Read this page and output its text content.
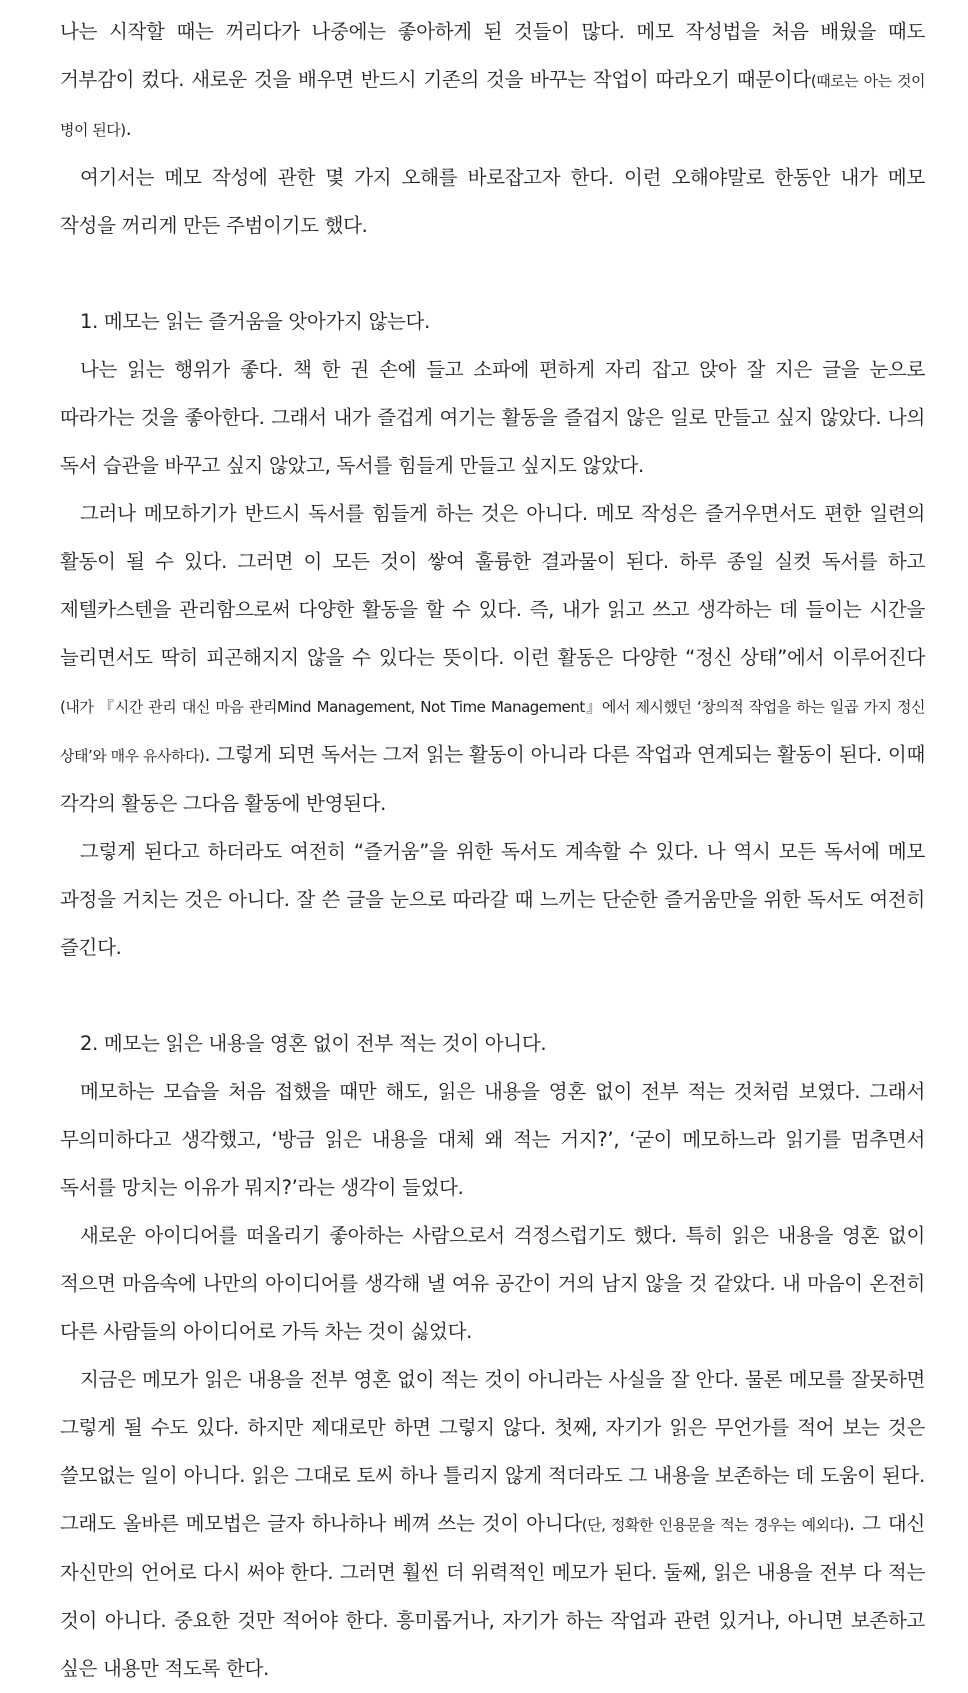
나는 시작할 때는 꺼리다가 나중에는 좋아하게 된 것들이 많다. 메모 작성법을 처음 배웠을 때도 거부감이 컸다. 새로운 것을 배우면 반드시 기존의 것을 바꾸는 작업이 따라오기 때문이다(때로는 아는 것이 병이 된다).

여기서는 메모 작성에 관한 몇 가지 오해를 바로잡고자 한다. 이런 오해야말로 한동안 내가 메모 작성을 꺼리게 만든 주범이기도 했다.

1. 메모는 읽는 즐거움을 앗아가지 않는다.

나는 읽는 행위가 좋다. 책 한 권 손에 들고 소파에 편하게 자리 잡고 앉아 잘 지은 글을 눈으로 따라가는 것을 좋아한다. 그래서 내가 즐겁게 여기는 활동을 즐겁지 않은 일로 만들고 싶지 않았다. 나의 독서 습관을 바꾸고 싶지 않았고, 독서를 힘들게 만들고 싶지도 않았다.

그러나 메모하기가 반드시 독서를 힘들게 하는 것은 아니다. 메모 작성은 즐거우면서도 편한 일련의 활동이 될 수 있다. 그러면 이 모든 것이 쌓여 훌륭한 결과물이 된다. 하루 종일 실컷 독서를 하고 제텔카스텐을 관리함으로써 다양한 활동을 할 수 있다. 즉, 내가 읽고 쓰고 생각하는 데 들이는 시간을 늘리면서도 딱히 피곤해지지 않을 수 있다는 뜻이다. 이런 활동은 다양한 “정신 상태”에서 이루어진다(내가 『시간 관리 대신 마음 관리Mind Management, Not Time Management』에서 제시했던 ‘창의적 작업을 하는 일곱 가지 정신 상태’와 매우 유사하다). 그렇게 되면 독서는 그저 읽는 활동이 아니라 다른 작업과 연계되는 활동이 된다. 이때 각각의 활동은 그다음 활동에 반영된다.

그렇게 된다고 하더라도 여전히 “즐거움”을 위한 독서도 계속할 수 있다. 나 역시 모든 독서에 메모 과정을 거치는 것은 아니다. 잘 쓴 글을 눈으로 따라갈 때 느끼는 단순한 즐거움만을 위한 독서도 여전히 즐긴다.

2. 메모는 읽은 내용을 영혼 없이 전부 적는 것이 아니다.

메모하는 모습을 처음 접했을 때만 해도, 읽은 내용을 영혼 없이 전부 적는 것처럼 보였다. 그래서 무의미하다고 생각했고, ‘방금 읽은 내용을 대체 왜 적는 거지?’, ‘굳이 메모하느라 읽기를 멈추면서 독서를 망치는 이유가 뭐지?’라는 생각이 들었다.

새로운 아이디어를 떠올리기 좋아하는 사람으로서 걱정스럽기도 했다. 특히 읽은 내용을 영혼 없이 적으면 마음속에 나만의 아이디어를 생각해 낼 여유 공간이 거의 남지 않을 것 같았다. 내 마음이 온전히 다른 사람들의 아이디어로 가득 차는 것이 싫었다.

지금은 메모가 읽은 내용을 전부 영혼 없이 적는 것이 아니라는 사실을 잘 안다. 물론 메모를 잘못하면 그렇게 될 수도 있다. 하지만 제대로만 하면 그렇지 않다. 첫째, 자기가 읽은 무언가를 적어 보는 것은 쓸모없는 일이 아니다. 읽은 그대로 토씨 하나 틀리지 않게 적더라도 그 내용을 보존하는 데 도움이 된다. 그래도 올바른 메모법은 글자 하나하나 베껴 쓰는 것이 아니다(단, 정확한 인용문을 적는 경우는 예외다). 그 대신 자신만의 언어로 다시 써야 한다. 그러면 훨씬 더 위력적인 메모가 된다. 둘째, 읽은 내용을 전부 다 적는 것이 아니다. 중요한 것만 적어야 한다. 흥미롭거나, 자기가 하는 작업과 관련 있거나, 아니면 보존하고 싶은 내용만 적도록 한다.
